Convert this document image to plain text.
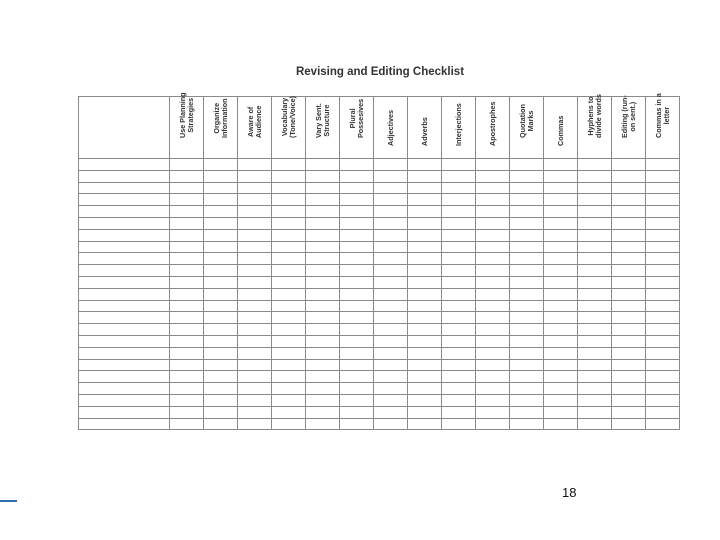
Revising and Editing Checklist

	Use Planning
Strategies	Organize
Information	Aware of
Audience	Vocabulary
(Tone/Voice)	Vary Sent.
Structure	Plural
Possesives	Adjectives	Adverbs	Interjections	Apostrophes	Quotation
Marks	Commas	Hyphens to
divide words	Editing (run-
on sent.)	Commas in a
letter

18
